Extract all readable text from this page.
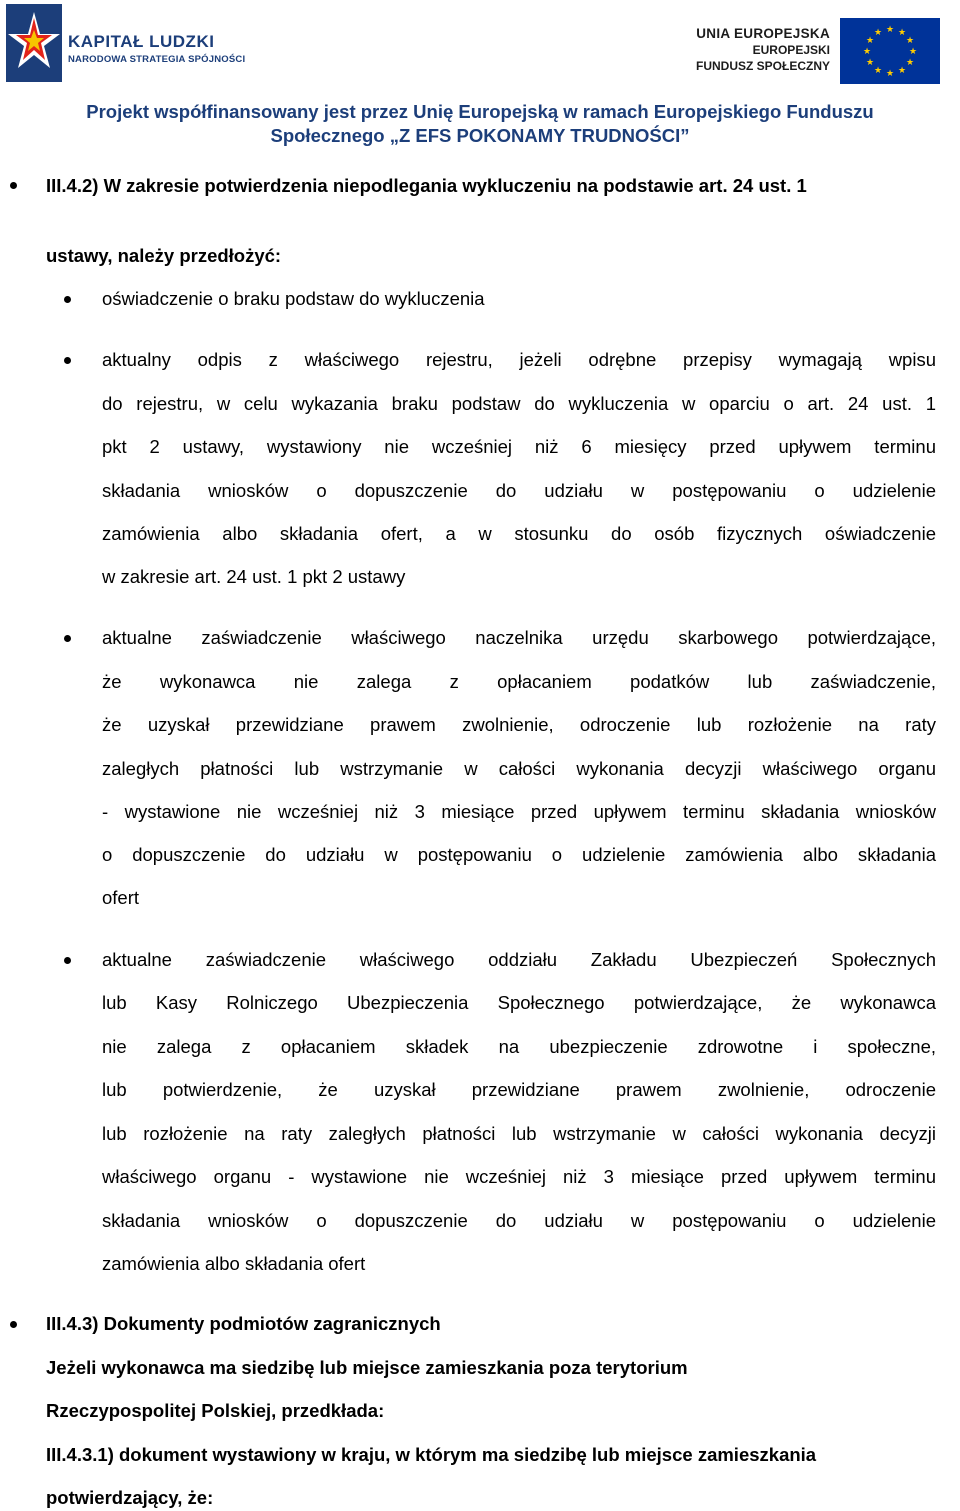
KAPITAŁ LUDZKI
NARODOWA STRATEGIA SPÓJNOŚCI
UNIA EUROPEJSKA
EUROPEJSKI
FUNDUSZ SPOŁECZNY
★ ★
★
★
★
★
★
★
★
★
★
★
Projekt współfinansowany jest przez Unię Europejską w ramach Europejskiego Funduszu
Społecznego „Z EFS POKONAMY TRUDNOŚCI”
III.4.2) W zakresie potwierdzenia niepodlegania wykluczeniu na podstawie art. 24 ust. 1
ustawy, należy przedłożyć:
oświadczenie o braku podstaw do wykluczenia
aktualny odpis z właściwego rejestru, jeżeli odrębne przepisy wymagają wpisu
do rejestru, w celu wykazania braku podstaw do wykluczenia w oparciu o art. 24 ust. 1
pkt 2 ustawy, wystawiony nie wcześniej niż 6 miesięcy przed upływem terminu
składania wniosków o dopuszczenie do udziału w postępowaniu o udzielenie
zamówienia albo składania ofert, a w stosunku do osób fizycznych oświadczenie
w zakresie art. 24 ust. 1 pkt 2 ustawy
aktualne zaświadczenie właściwego naczelnika urzędu skarbowego potwierdzające,
że wykonawca nie zalega z opłacaniem podatków lub zaświadczenie,
że uzyskał przewidziane prawem zwolnienie, odroczenie lub rozłożenie na raty
zaległych płatności lub wstrzymanie w całości wykonania decyzji właściwego organu
- wystawione nie wcześniej niż 3 miesiące przed upływem terminu składania wniosków
o dopuszczenie do udziału w postępowaniu o udzielenie zamówienia albo składania
ofert
aktualne zaświadczenie właściwego oddziału Zakładu Ubezpieczeń Społecznych
lub Kasy Rolniczego Ubezpieczenia Społecznego potwierdzające, że wykonawca
nie zalega z opłacaniem składek na ubezpieczenie zdrowotne i społeczne,
lub potwierdzenie, że uzyskał przewidziane prawem zwolnienie, odroczenie
lub rozłożenie na raty zaległych płatności lub wstrzymanie w całości wykonania decyzji
właściwego organu - wystawione nie wcześniej niż 3 miesiące przed upływem terminu
składania wniosków o dopuszczenie do udziału w postępowaniu o udzielenie
zamówienia albo składania ofert
III.4.3) Dokumenty podmiotów zagranicznych
Jeżeli wykonawca ma siedzibę lub miejsce zamieszkania poza terytorium
Rzeczypospolitej Polskiej, przedkłada:
III.4.3.1) dokument wystawiony w kraju, w którym ma siedzibę lub miejsce zamieszkania
potwierdzający, że:
